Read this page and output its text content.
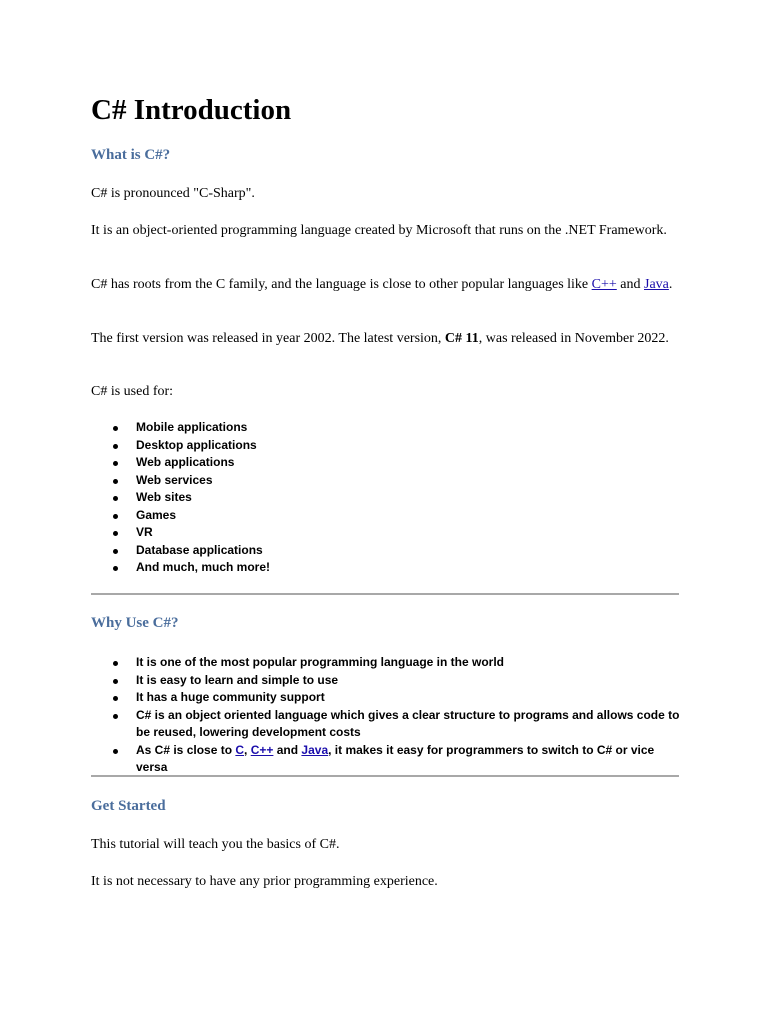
C# Introduction
What is C#?

C# is pronounced "C-Sharp".

It is an object-oriented programming language created by Microsoft that runs on the .NET Framework.

C# has roots from the C family, and the language is close to other popular languages like C++ and Java.

The first version was released in year 2002. The latest version, C# 11, was released in November 2022.

C# is used for:

Mobile applications
Desktop applications
Web applications
Web services
Web sites
Games
VR
Database applications
And much, much more!
Why Use C#?
It is one of the most popular programming language in the world
It is easy to learn and simple to use
It has a huge community support
C# is an object oriented language which gives a clear structure to programs and allows code to be reused, lowering development costs
As C# is close to C, C++ and Java, it makes it easy for programmers to switch to C# or vice versa
Get Started

This tutorial will teach you the basics of C#.

It is not necessary to have any prior programming experience.
